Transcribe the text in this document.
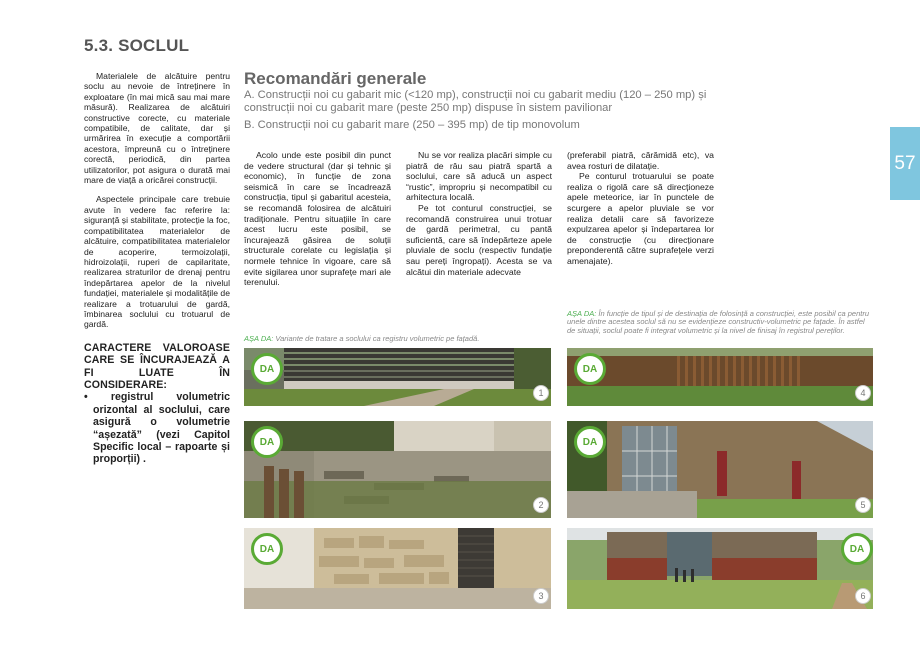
5.3. SOCLUL
57

Materialele de alcătuire pentru soclu au nevoie de întreținere în exploatare (în mai mică sau mai mare măsură). Realizarea de alcătuiri constructive corecte, cu materiale compatibile, de calitate, dar și urmărirea în execuție a comportării acestora, împreună cu o întreținere corectă, periodică, din partea utilizatorilor, pot asigura o durată mai mare de viață a oricărei construcții.

Aspectele principale care trebuie avute în vedere fac referire la: siguranță și stabilitate, protecție la foc, compatibilitatea materialelor de alcătuire, compatibilitatea materialelor de acoperire, termoizolații, hidroizolații, ruperi de capilaritate, realizarea straturilor de drenaj pentru îndepărtarea apelor de la nivelul fundației, materialele și modalitățile de realizare a trotuarului de gardă, îmbinarea soclului cu trotuarul de gardă.

CARACTERE VALOROASE CARE SE ÎNCURAJEAZĂ A FI LUATE ÎN CONSIDERARE:
• registrul volumetric orizontal al soclului, care asigură o volumetrie “așezată” (vezi Capitol Specific local – rapoarte și proporții) .
Recomandări generale

A. Construcții noi cu gabarit mic (<120 mp), construcții noi cu gabarit mediu (120 – 250 mp) și construcții noi cu gabarit mare (peste 250 mp) dispuse în sistem pavilionar

B. Construcții noi cu gabarit mare (250 – 395 mp) de tip monovolum

Acolo unde este posibil din punct de vedere structural (dar și tehnic și economic), în funcție de zona seismică în care se încadrează construcția, tipul și gabaritul acesteia, se recomandă folosirea de alcătuiri tradiționale. Pentru situațiile în care acest lucru este posibil, se încurajează găsirea de soluții structurale corelate cu legislația și normele tehnice în vigoare, care să evite sigilarea unor suprafețe mari ale terenului.

Nu se vor realiza placări simple cu piatră de râu sau piatră spartă a soclului, care să aducă un aspect “rustic”, impropriu și necompatibil cu arhitectura locală.

Pe tot conturul construcției, se recomandă construirea unui trotuar de gardă perimetral, cu pantă suficientă, care să îndepărteze apele pluviale de soclu (respectiv fundație sau pereți îngropați). Acesta se va alcătui din materiale adecvate

(preferabil piatră, cărămidă etc), va avea rosturi de dilatație.

Pe conturul trotuarului se poate realiza o rigolă care să direcționeze apele meteorice, iar în punctele de scurgere a apelor pluviale se vor realiza detalii care să favorizeze expulzarea apelor și îndepartarea lor de construcție (cu direcționare preponderentă către suprafețele verzi amenajate).

AȘA DA: Variante de tratare a soclului ca registru volumetric pe fațadă.
AȘA DA: În funcție de tipul și de destinația de folosință a construcției, este posibil ca pentru unele dintre acestea soclul să nu se evidențieze constructiv-volumetric pe fațade. În astfel de situații, soclul poate fi integrat volumetric și la nivel de finisaj în registrul pereților.
DA
1
DA
2
DA
3
DA
4
DA
5
DA
6
